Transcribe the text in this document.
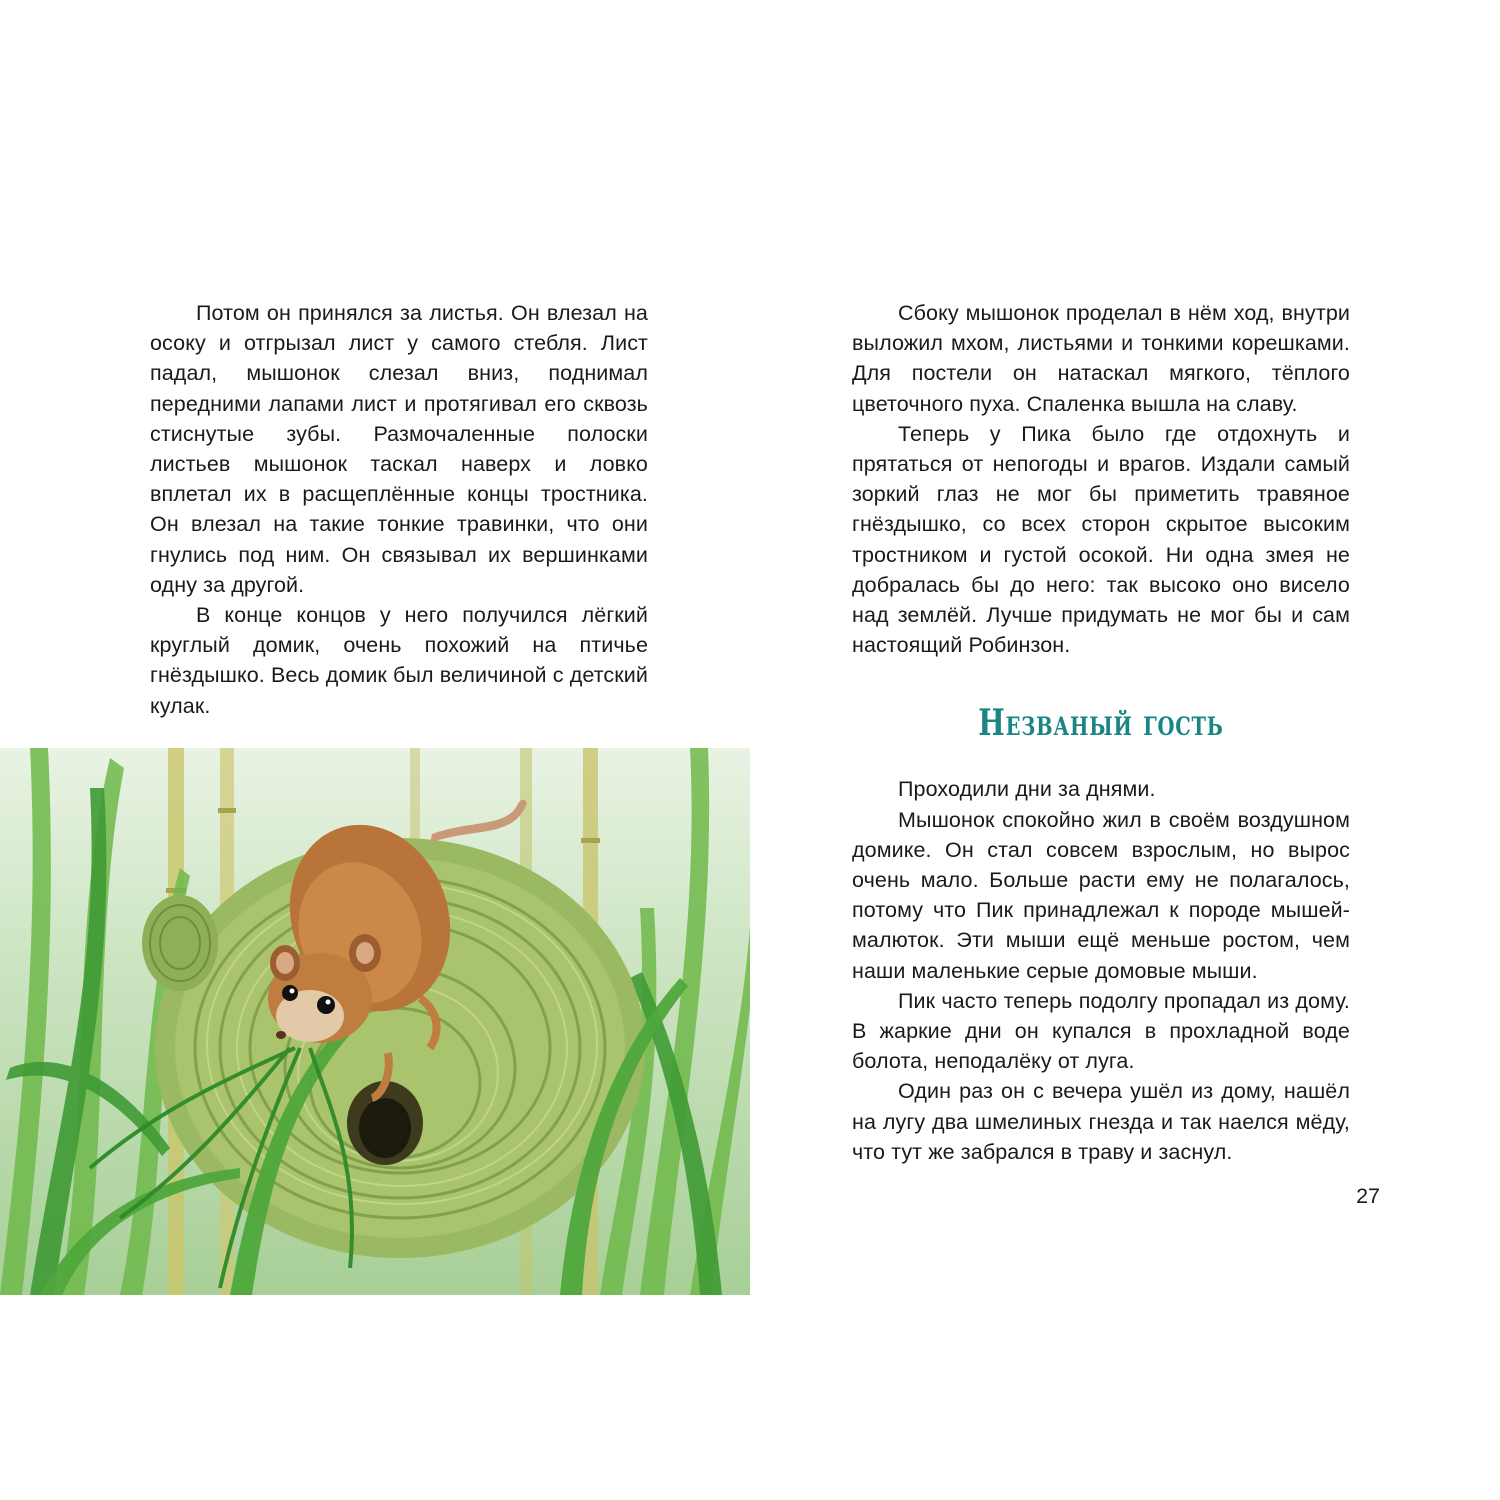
Потом он принялся за листья. Он влезал на осоку и отгрызал лист у самого стебля. Лист падал, мышонок слезал вниз, поднимал передними лапами лист и протягивал его сквозь стиснутые зубы. Размочаленные полоски листьев мышонок таскал наверх и ловко вплетал их в расщеплённые концы тростника. Он влезал на такие тонкие травинки, что они гнулись под ним. Он связывал их вершинками одну за другой.

В конце концов у него получился лёгкий круглый домик, очень похожий на птичье гнёздышко. Весь домик был величиной с детский кулак.

Сбоку мышонок проделал в нём ход, внутри выложил мхом, листьями и тонкими корешками. Для постели он натаскал мягкого, тёплого цветочного пуха. Спаленка вышла на славу.

Теперь у Пика было где отдохнуть и прятаться от непогоды и врагов. Издали самый зоркий глаз не мог бы приметить травяное гнёздышко, со всех сторон скрытое высоким тростником и густой осокой. Ни одна змея не добралась бы до него: так высоко оно висело над землёй. Лучше придумать не мог бы и сам настоящий Робинзон.

Незваный гость

Проходили дни за днями.

Мышонок спокойно жил в своём воздушном домике. Он стал совсем взрослым, но вырос очень мало. Больше расти ему не полагалось, потому что Пик принадлежал к породе мышей-малюток. Эти мыши ещё меньше ростом, чем наши маленькие серые домовые мыши.

Пик часто теперь подолгу пропадал из дому. В жаркие дни он купался в прохладной воде болота, неподалёку от луга.

Один раз он с вечера ушёл из дому, нашёл на лугу два шмелиных гнезда и так наелся мёду, что тут же забрался в траву и заснул.

27
